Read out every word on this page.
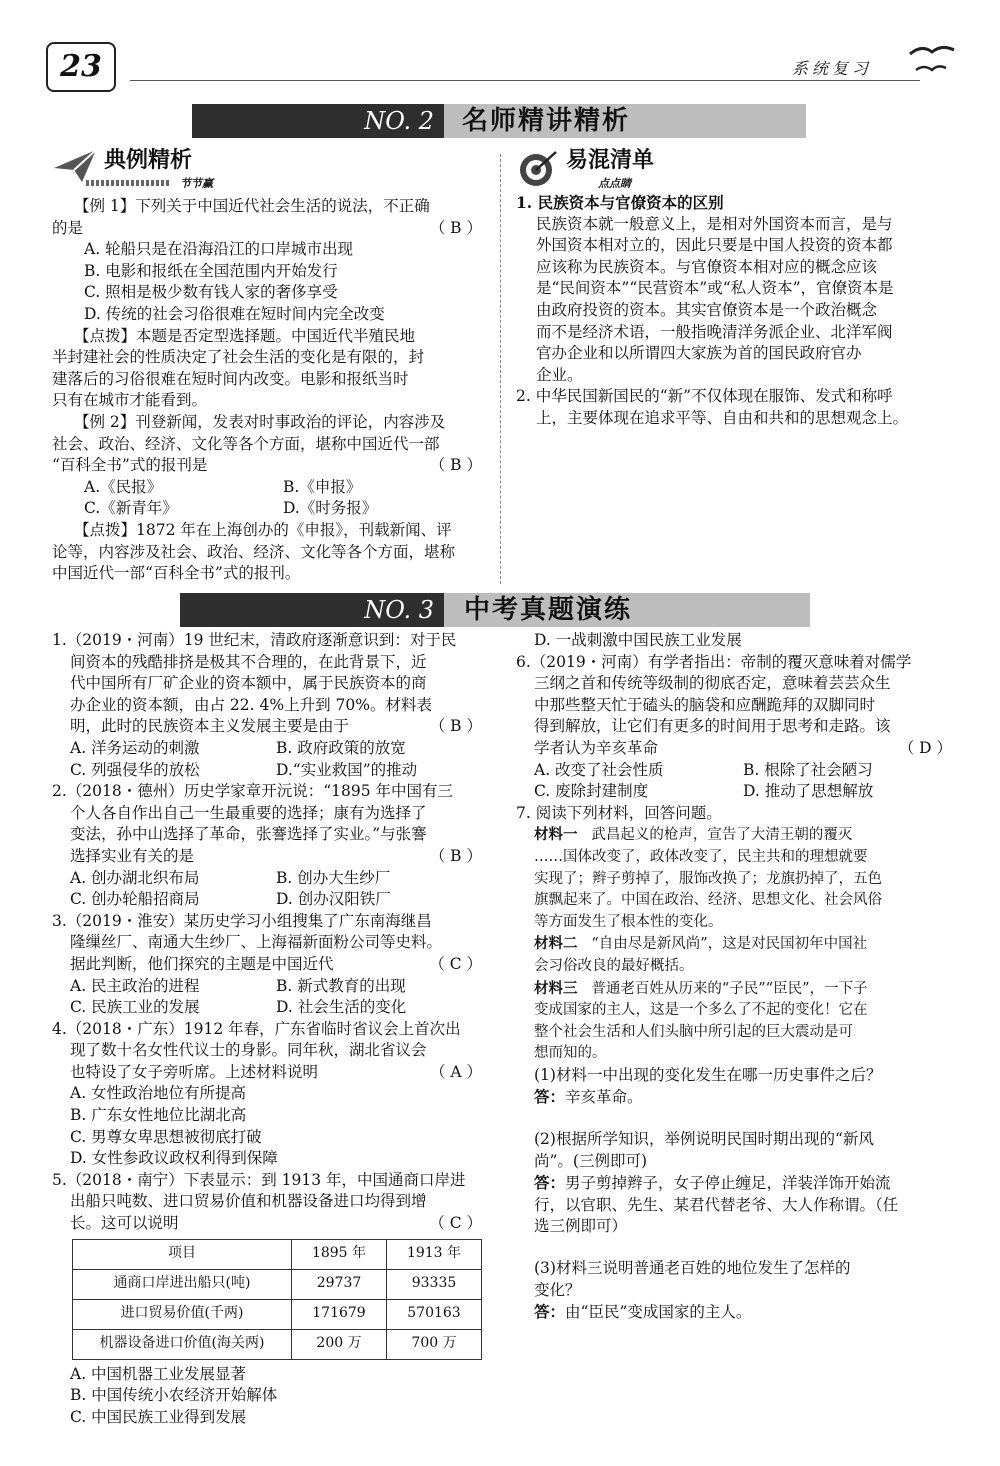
23	系统复习
NO. 2	名师精讲精析
典例精析
节节赢

【例 1】下列关于中国近代社会生活的说法，不正确

的是	（ B ）

A. 轮船只是在沿海沿江的口岸城市出现

B. 电影和报纸在全国范围内开始发行

C. 照相是极少数有钱人家的奢侈享受

D. 传统的社会习俗很难在短时间内完全改变

【点拨】本题是否定型选择题。中国近代半殖民地

半封建社会的性质决定了社会生活的变化是有限的，封

建落后的习俗很难在短时间内改变。电影和报纸当时

只有在城市才能看到。

【例 2】刊登新闻，发表对时事政治的评论，内容涉及

社会、政治、经济、文化等各个方面，堪称中国近代一部

“百科全书”式的报刊是	（ B ）

A.《民报》	B.《申报》
C.《新青年》	D.《时务报》

【点拨】1872 年在上海创办的《申报》，刊载新闻、评

论等，内容涉及社会、政治、经济、文化等各个方面，堪称

中国近代一部“百科全书”式的报刊。

易混清单
点点睛

1. 民族资本与官僚资本的区别

民族资本就一般意义上，是相对外国资本而言，是与

外国资本相对立的，因此只要是中国人投资的资本都

应该称为民族资本。与官僚资本相对应的概念应该

是“民间资本”“民营资本”或“私人资本”，官僚资本是

由政府投资的资本。其实官僚资本是一个政治概念

而不是经济术语，一般指晚清洋务派企业、北洋军阀

官办企业和以所谓四大家族为首的国民政府官办

企业。

2. 中华民国新国民的“新”不仅体现在服饰、发式和称呼

上，主要体现在追求平等、自由和共和的思想观念上。

NO. 3	中考真题演练

1.（2019・河南）19 世纪末，清政府逐渐意识到：对于民

间资本的残酷排挤是极其不合理的，在此背景下，近

代中国所有厂矿企业的资本额中，属于民族资本的商

办企业的资本额，由占 22. 4%上升到 70%。材料表

明，此时的民族资本主义发展主要是由于	（ B ）

A. 洋务运动的刺激	B. 政府政策的放宽
C. 列强侵华的放松	D.“实业救国”的推动

2.（2018・德州）历史学家章开沅说：“1895 年中国有三

个人各自作出自己一生最重要的选择；康有为选择了

变法，孙中山选择了革命，张謇选择了实业。”与张謇

选择实业有关的是	（ B ）

A. 创办湖北织布局	B. 创办大生纱厂
C. 创办轮船招商局	D. 创办汉阳铁厂

3.（2019・淮安）某历史学习小组搜集了广东南海继昌

隆缫丝厂、南通大生纱厂、上海福新面粉公司等史料。

据此判断，他们探究的主题是中国近代	（ C ）

A. 民主政治的进程	B. 新式教育的出现
C. 民族工业的发展	D. 社会生活的变化

4.（2018・广东）1912 年春，广东省临时省议会上首次出

现了数十名女性代议士的身影。同年秋，湖北省议会

也特设了女子旁听席。上述材料说明	（ A ）

A. 女性政治地位有所提高

B. 广东女性地位比湖北高

C. 男尊女卑思想被彻底打破

D. 女性参政议政权利得到保障

5.（2018・南宁）下表显示：到 1913 年，中国通商口岸进

出船只吨数、进口贸易价值和机器设备进口均得到增

长。这可以说明	（ C ）

项目	1895 年	1913 年
通商口岸进出船只(吨)	29737	93335
进口贸易价值(千两)	171679	570163
机器设备进口价值(海关两)	200 万	700 万

A. 中国机器工业发展显著

B. 中国传统小农经济开始解体

C. 中国民族工业得到发展

D. 一战刺激中国民族工业发展

6.（2019・河南）有学者指出：帝制的覆灭意味着对儒学

三纲之首和传统等级制的彻底否定，意味着芸芸众生

中那些整天忙于磕头的脑袋和应酬跪拜的双脚同时

得到解放，让它们有更多的时间用于思考和走路。该

学者认为辛亥革命	（ D ）

A. 改变了社会性质	B. 根除了社会陋习
C. 废除封建制度	D. 推动了思想解放

7. 阅读下列材料，回答问题。

材料一 武昌起义的枪声，宣告了大清王朝的覆灭

……国体改变了，政体改变了，民主共和的理想就要

实现了；辫子剪掉了，服饰改换了；龙旗扔掉了，五色

旗飘起来了。中国在政治、经济、思想文化、社会风俗

等方面发生了根本性的变化。

材料二 “自由尽是新风尚”，这是对民国初年中国社

会习俗改良的最好概括。

材料三 普通老百姓从历来的“子民”“臣民”，一下子

变成国家的主人，这是一个多么了不起的变化！它在

整个社会生活和人们头脑中所引起的巨大震动是可

想而知的。

(1)材料一中出现的变化发生在哪一历史事件之后？

答：辛亥革命。

(2)根据所学知识，举例说明民国时期出现的“新风

尚”。(三例即可)

答：男子剪掉辫子，女子停止缠足，洋装洋饰开始流

行，以官职、先生、某君代替老爷、大人作称谓。（任

选三例即可）

(3)材料三说明普通老百姓的地位发生了怎样的

变化？

答：由“臣民”变成国家的主人。
